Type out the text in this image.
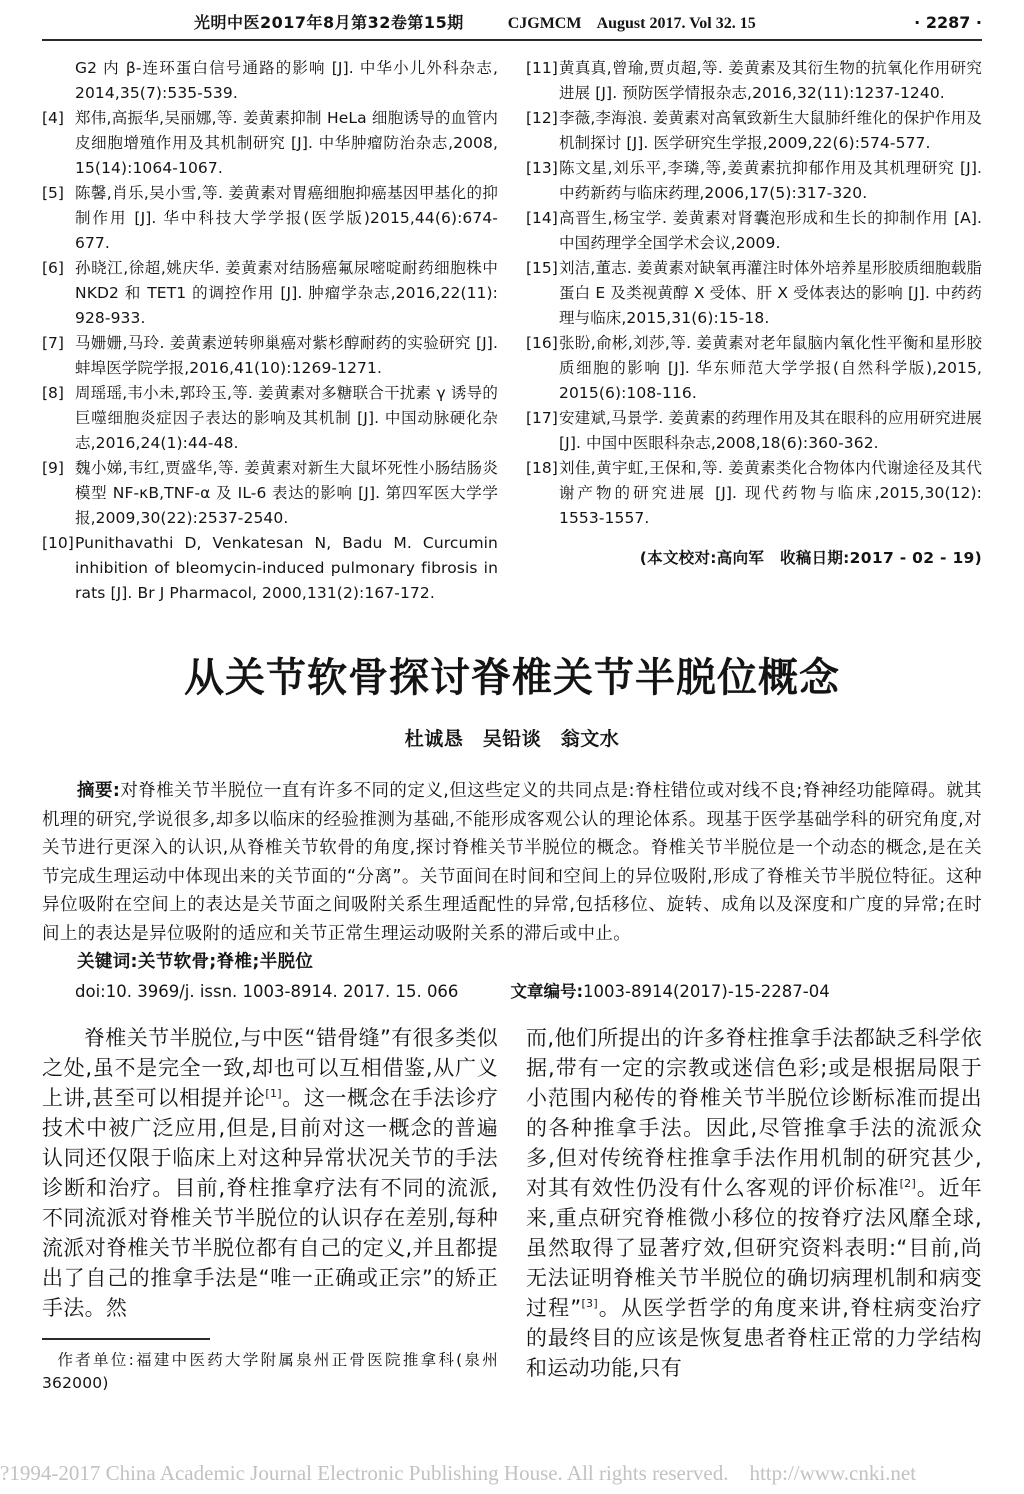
光明中医2017年8月第32卷第15期	CJGMCM    August 2017. Vol 32. 15	· 2287 ·
G2 内 β-连环蛋白信号通路的影响 [J]. 中华小儿外科杂志, 2014,35(7):535-539.
[4] 郑伟,高振华,吴丽娜,等. 姜黄素抑制 HeLa 细胞诱导的血管内皮细胞增殖作用及其机制研究 [J]. 中华肿瘤防治杂志,2008, 15(14):1064-1067.
[5] 陈馨,肖乐,吴小雪,等. 姜黄素对胃癌细胞抑癌基因甲基化的抑制作用 [J]. 华中科技大学学报(医学版)2015,44(6):674-677.
[6] 孙晓江,徐超,姚庆华. 姜黄素对结肠癌氟尿嘧啶耐药细胞株中 NKD2 和 TET1 的调控作用 [J]. 肿瘤学杂志,2016,22(11): 928-933.
[7] 马姗姗,马玲. 姜黄素逆转卵巢癌对紫杉醇耐药的实验研究 [J]. 蚌埠医学院学报,2016,41(10):1269-1271.
[8] 周瑶瑶,韦小未,郭玲玉,等. 姜黄素对多糖联合干扰素 γ 诱导的巨噬细胞炎症因子表达的影响及其机制 [J]. 中国动脉硬化杂志,2016,24(1):44-48.
[9] 魏小娣,韦红,贾盛华,等. 姜黄素对新生大鼠坏死性小肠结肠炎模型 NF-κB,TNF-α 及 IL-6 表达的影响 [J]. 第四军医大学学报,2009,30(22):2537-2540.
[10] Punithavathi D, Venkatesan N, Badu M. Curcumin inhibition of bleomycin-induced pulmonary fibrosis in rats [J]. Br J Pharmacol, 2000,131(2):167-172.
[11] 黄真真,曾瑜,贾贞超,等. 姜黄素及其衍生物的抗氧化作用研究进展 [J]. 预防医学情报杂志,2016,32(11):1237-1240.
[12] 李薇,李海浪. 姜黄素对高氧致新生大鼠肺纤维化的保护作用及机制探讨 [J]. 医学研究生学报,2009,22(6):574-577.
[13] 陈文星,刘乐平,李璘,等,姜黄素抗抑郁作用及其机理研究 [J]. 中药新药与临床药理,2006,17(5):317-320.
[14] 高晋生,杨宝学. 姜黄素对肾囊泡形成和生长的抑制作用 [A]. 中国药理学全国学术会议,2009.
[15] 刘洁,董志. 姜黄素对缺氧再灌注时体外培养星形胶质细胞载脂蛋白 E 及类视黄醇 X 受体、肝 X 受体表达的影响 [J]. 中药药理与临床,2015,31(6):15-18.
[16] 张盼,俞彬,刘莎,等. 姜黄素对老年鼠脑内氧化性平衡和星形胶质细胞的影响 [J]. 华东师范大学学报(自然科学版),2015, 2015(6):108-116.
[17] 安建斌,马景学. 姜黄素的药理作用及其在眼科的应用研究进展 [J]. 中国中医眼科杂志,2008,18(6):360-362.
[18] 刘佳,黄宇虹,王保和,等. 姜黄素类化合物体内代谢途径及其代谢产物的研究进展 [J]. 现代药物与临床,2015,30(12): 1553-1557.
(本文校对:高向军　收稿日期:2017 - 02 - 19)
从关节软骨探讨脊椎关节半脱位概念
杜诚恳　吴铅谈　翁文水

摘要:对脊椎关节半脱位一直有许多不同的定义,但这些定义的共同点是:脊柱错位或对线不良;脊神经功能障碍。就其机理的研究,学说很多,却多以临床的经验推测为基础,不能形成客观公认的理论体系。现基于医学基础学科的研究角度,对关节进行更深入的认识,从脊椎关节软骨的角度,探讨脊椎关节半脱位的概念。脊椎关节半脱位是一个动态的概念,是在关节完成生理运动中体现出来的关节面的“分离”。关节面间在时间和空间上的异位吸附,形成了脊椎关节半脱位特征。这种异位吸附在空间上的表达是关节面之间吸附关系生理适配性的异常,包括移位、旋转、成角以及深度和广度的异常;在时间上的表达是异位吸附的适应和关节正常生理运动吸附关系的滞后或中止。

关键词:关节软骨;脊椎;半脱位

doi:10. 3969/j. issn. 1003-8914. 2017. 15. 066	文章编号:1003-8914(2017)-15-2287-04

脊椎关节半脱位,与中医“错骨缝”有很多类似之处,虽不是完全一致,却也可以互相借鉴,从广义上讲,甚至可以相提并论[1]。这一概念在手法诊疗技术中被广泛应用,但是,目前对这一概念的普遍认同还仅限于临床上对这种异常状况关节的手法诊断和治疗。目前,脊柱推拿疗法有不同的流派,不同流派对脊椎关节半脱位的认识存在差别,每种流派对脊椎关节半脱位都有自己的定义,并且都提出了自己的推拿手法是“唯一正确或正宗”的矫正手法。然

作者单位:福建中医药大学附属泉州正骨医院推拿科(泉州 362000)

而,他们所提出的许多脊柱推拿手法都缺乏科学依据,带有一定的宗教或迷信色彩;或是根据局限于小范围内秘传的脊椎关节半脱位诊断标准而提出的各种推拿手法。因此,尽管推拿手法的流派众多,但对传统脊柱推拿手法作用机制的研究甚少,对其有效性仍没有什么客观的评价标准[2]。近年来,重点研究脊椎微小移位的按脊疗法风靡全球,虽然取得了显著疗效,但研究资料表明:“目前,尚无法证明脊椎关节半脱位的确切病理机制和病变过程”[3]。从医学哲学的角度来讲,脊柱病变治疗的最终目的应该是恢复患者脊柱正常的力学结构和运动功能,只有

?1994-2017 China Academic Journal Electronic Publishing House. All rights reserved.    http://www.cnki.net
